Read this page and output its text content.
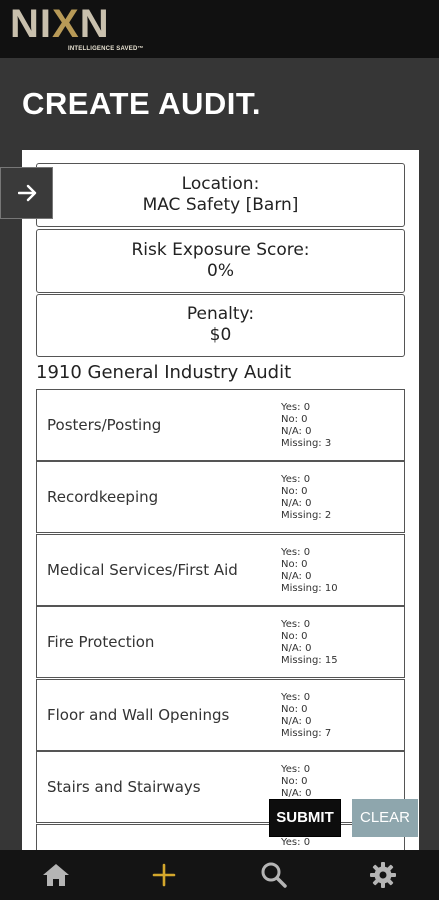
N I X N
INTELLIGENCE SAVED™
CREATE AUDIT.
Location:
MAC Safety [Barn]
Risk Exposure Score:
0%
Penalty:
$0
1910 General Industry Audit
Posters/Posting
Yes: 0
No: 0
N/A: 0
Missing: 3
Recordkeeping
Yes: 0
No: 0
N/A: 0
Missing: 2
Medical Services/First Aid
Yes: 0
No: 0
N/A: 0
Missing: 10
Fire Protection
Yes: 0
No: 0
N/A: 0
Missing: 15
Floor and Wall Openings
Yes: 0
No: 0
N/A: 0
Missing: 7
Stairs and Stairways
Yes: 0
No: 0
N/A: 0
Yes: 0
SUBMIT	CLEAR
